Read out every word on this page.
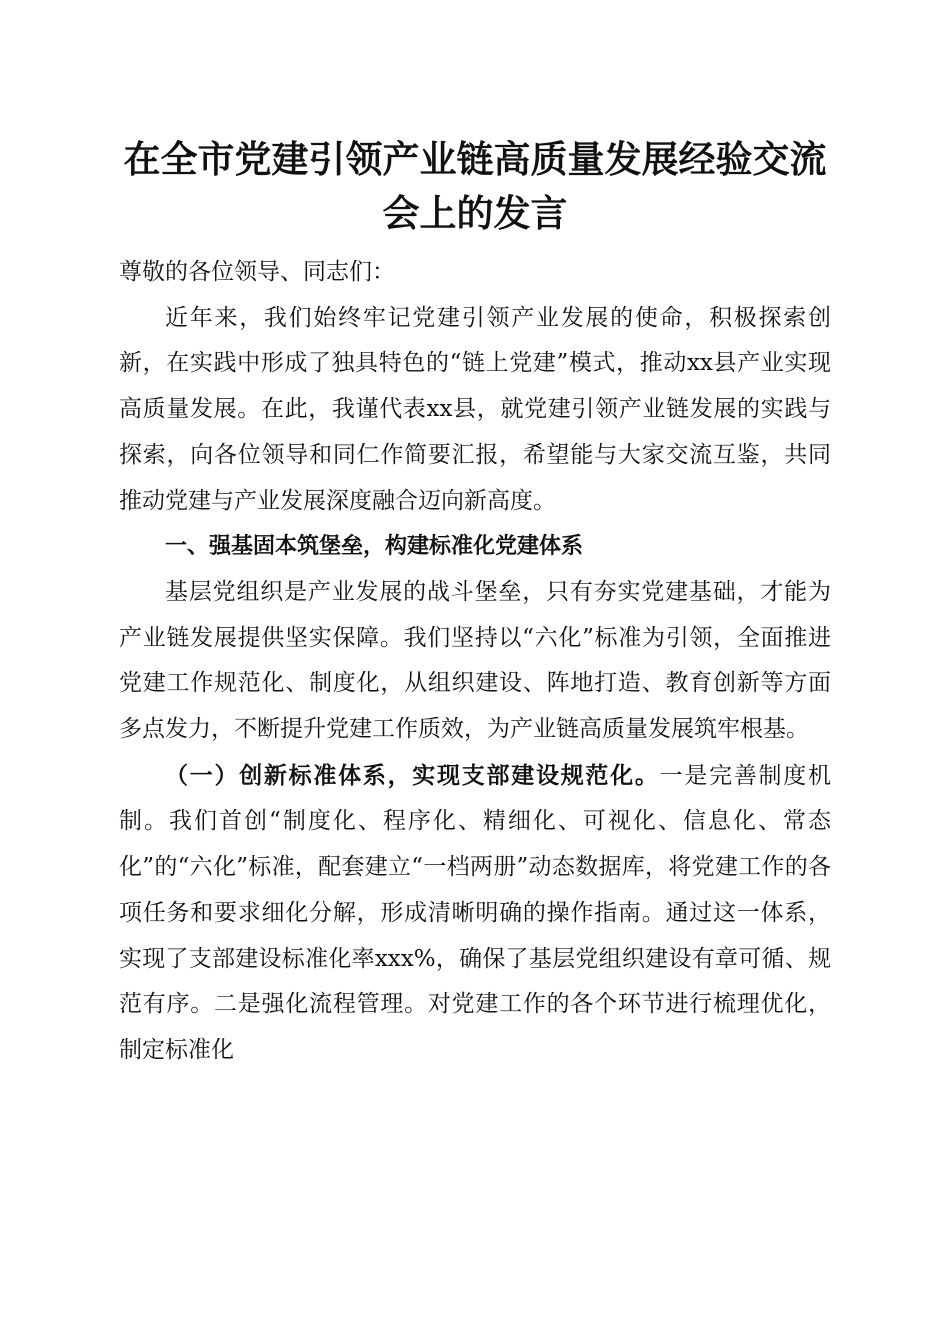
在全市党建引领产业链高质量发展经验交流会上的发言

尊敬的各位领导、同志们：

近年来，我们始终牢记党建引领产业发展的使命，积极探索创新，在实践中形成了独具特色的“链上党建”模式，推动xx县产业实现高质量发展。在此，我谨代表xx县，就党建引领产业链发展的实践与探索，向各位领导和同仁作简要汇报，希望能与大家交流互鉴，共同推动党建与产业发展深度融合迈向新高度。

一、强基固本筑堡垒，构建标准化党建体系

基层党组织是产业发展的战斗堡垒，只有夯实党建基础，才能为产业链发展提供坚实保障。我们坚持以“六化”标准为引领，全面推进党建工作规范化、制度化，从组织建设、阵地打造、教育创新等方面多点发力，不断提升党建工作质效，为产业链高质量发展筑牢根基。

（一）创新标准体系，实现支部建设规范化。一是完善制度机制。我们首创“制度化、程序化、精细化、可视化、信息化、常态化”的“六化”标准，配套建立“一档两册”动态数据库，将党建工作的各项任务和要求细化分解，形成清晰明确的操作指南。通过这一体系，实现了支部建设标准化率xxx%，确保了基层党组织建设有章可循、规范有序。二是强化流程管理。对党建工作的各个环节进行梳理优化，制定标准化
